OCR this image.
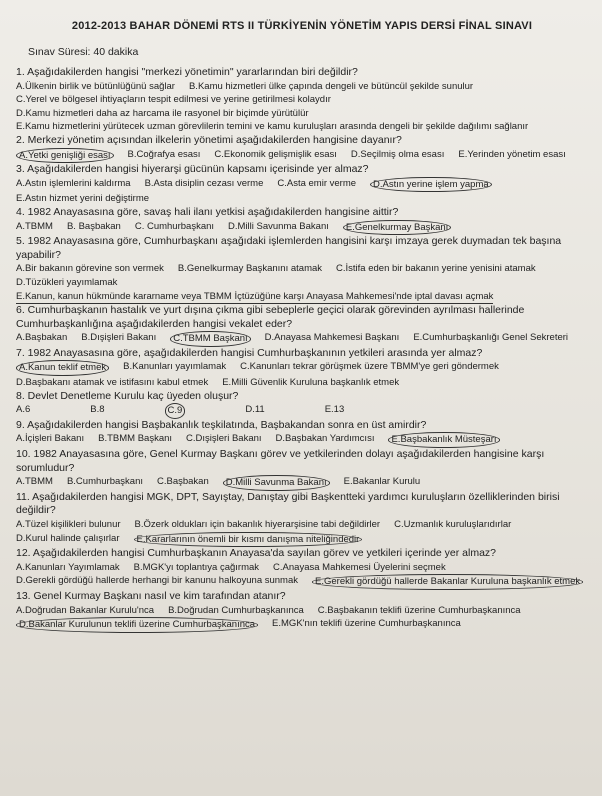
2012-2013 BAHAR DÖNEMİ RTS II TÜRKİYENİN YÖNETİM YAPIS DERSİ FİNAL SINAVI
Sınav Süresi: 40 dakika
1. Aşağıdakilerden hangisi "merkezi yönetimin" yararlarından biri değildir?
A.Ülkenin birlik ve bütünlüğünü sağlar B.Kamu hizmetleri ülke çapında dengeli ve bütüncül şekilde sunulur
C.Yerel ve bölgesel ihtiyaçların tespit edilmesi ve yerine getirilmesi kolaydır
D.Kamu hizmetleri daha az harcama ile rasyonel bir biçimde yürütülür
E.Kamu hizmetlerini yürütecek uzman görevlilerin temini ve kamu kuruluşları arasında dengeli bir şekilde dağılımı sağlanır
2. Merkezi yönetim açısından ilkelerin yönetimi aşağıdakilerden hangisine dayanır?
A.Yetki genişliği esası	B.Coğrafya esası C.Ekonomik gelişmişlik esası D.Seçilmiş olma esası E.Yerinden yönetim esası
3. Aşağıdakilerden hangisi hiyerarşi gücünün kapsamı içerisinde yer almaz?
A.Astın işlemlerini kaldırma B.Asta disiplin cezası verme C.Asta emir verme	D.Astın yerine işlem yapma
E.Astın hizmet yerini değiştirme
4. 1982 Anayasasına göre, savaş hali ilanı yetkisi aşağıdakilerden hangisine aittir?
A.TBMM B. Başbakan C. Cumhurbaşkanı D.Milli Savunma Bakanı	E.Genelkurmay Başkanı
5. 1982 Anayasasına göre, Cumhurbaşkanı aşağıdaki işlemlerden hangisini karşı imzaya gerek duymadan tek başına yapabilir?
A.Bir bakanın görevine son vermek B.Genelkurmay Başkanını atamak C.İstifa eden bir bakanın yerine yenisini atamak
D.Tüzükleri yayımlamak
E.Kanun, kanun hükmünde kararname veya TBMM İçtüzüğüne karşı Anayasa Mahkemesi'nde iptal davası açmak
6. Cumhurbaşkanın hastalık ve yurt dışına çıkma gibi sebeplerle geçici olarak görevinden ayrılması hallerinde Cumhurbaşkanlığına aşağıdakilerden hangisi vekalet eder?
A.Başbakan B.Dışişleri Bakanı	C.TBMM Başkanı	D.Anayasa Mahkemesi Başkanı E.Cumhurbaşkanlığı Genel Sekreteri
7. 1982 Anayasasına göre, aşağıdakilerden hangisi Cumhurbaşkanının yetkileri arasında yer almaz?
A.Kanun teklif etmek	B.Kanunları yayımlamak C.Kanunları tekrar görüşmek üzere TBMM'ye geri göndermek
D.Başbakanı atamak ve istifasını kabul etmek E.Milli Güvenlik Kuruluna başkanlık etmek
8. Devlet Denetleme Kurulu kaç üyeden oluşur?
A.6	B.8	C.9	D.11	E.13
9. Aşağıdakilerden hangisi Başbakanlık teşkilatında, Başbakandan sonra en üst amirdir?
A.İçişleri Bakanı B.TBMM Başkanı C.Dışişleri Bakanı D.Başbakan Yardımcısı	E.Başbakanlık Müsteşarı
10. 1982 Anayasasına göre, Genel Kurmay Başkanı görev ve yetkilerinden dolayı aşağıdakilerden hangisine karşı sorumludur?
A.TBMM B.Cumhurbaşkanı C.Başbakan	D.Milli Savunma Bakanı	E.Bakanlar Kurulu
11. Aşağıdakilerden hangisi MGK, DPT, Sayıştay, Danıştay gibi Başkentteki yardımcı kuruluşların özelliklerinden birisi değildir?
A.Tüzel kişilikleri bulunur B.Özerk oldukları için bakanlık hiyerarşisine tabi değildirler C.Uzmanlık kuruluşlarıdırlar
D.Kurul halinde çalışırlar	E.Kararlarının önemli bir kısmı danışma niteliğindedir
12. Aşağıdakilerden hangisi Cumhurbaşkanın Anayasa'da sayılan görev ve yetkileri içerinde yer almaz?
A.Kanunları Yayımlamak B.MGK'yı toplantıya çağırmak C.Anayasa Mahkemesi Üyelerini seçmek
D.Gerekli gördüğü hallerde herhangi bir kanunu halkoyuna sunmak	E.Gerekli gördüğü hallerde Bakanlar Kuruluna başkanlık etmek
13. Genel Kurmay Başkanı nasıl ve kim tarafından atanır?
A.Doğrudan Bakanlar Kurulu'nca B.Doğrudan Cumhurbaşkanınca C.Başbakanın teklifi üzerine Cumhurbaşkanınca
D.Bakanlar Kurulunun teklifi üzerine Cumhurbaşkanınca	E.MGK'nın teklifi üzerine Cumhurbaşkanınca
